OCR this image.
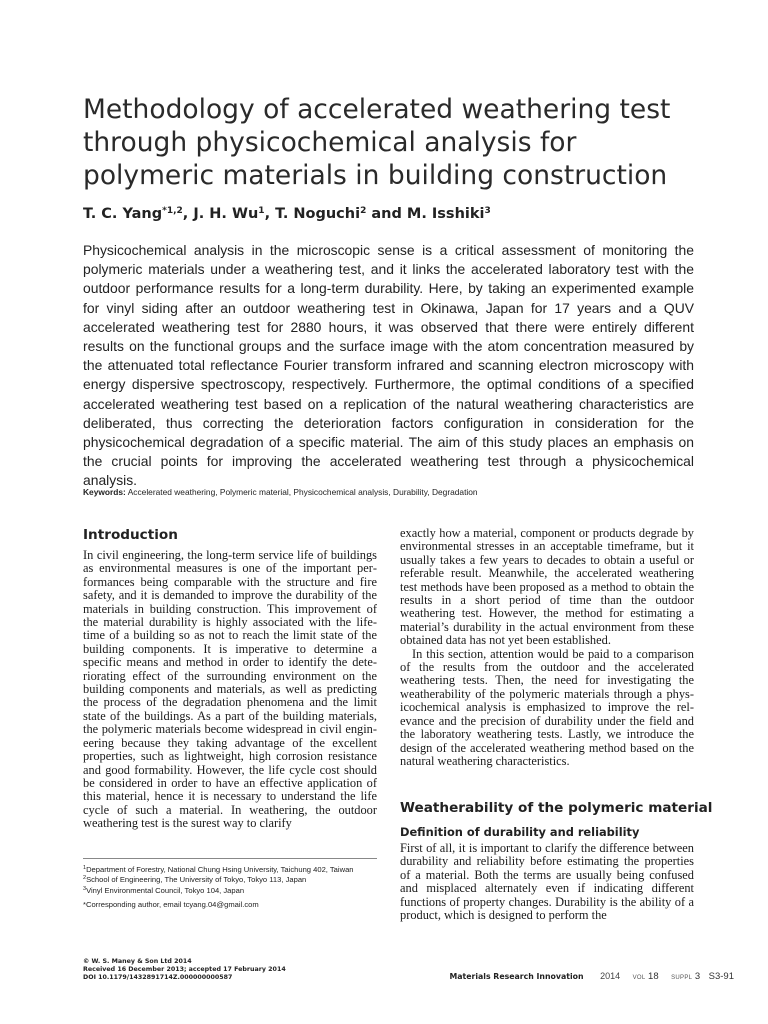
Methodology of accelerated weathering test through physicochemical analysis for polymeric materials in building construction

T. C. Yang$^{*1,2}$, J. H. Wu$^1$, T. Noguchi$^2$ and M. Isshiki$^3$

Physicochemical analysis in the microscopic sense is a critical assessment of monitoring the polymeric materials under a weathering test, and it links the accelerated laboratory test with the outdoor performance results for a long-term durability. Here, by taking an experimented example for vinyl siding after an outdoor weathering test in Okinawa, Japan for 17 years and a QUV accelerated weathering test for 2880 hours, it was observed that there were entirely different results on the functional groups and the surface image with the atom concentration measured by the attenuated total reflectance Fourier transform infrared and scanning electron microscopy with energy dispersive spectroscopy, respectively. Furthermore, the optimal conditions of a specified accelerated weathering test based on a replication of the natural weathering characteristics are deliberated, thus correcting the deterioration factors configuration in consideration for the physicochemical degradation of a specific material. The aim of this study places an emphasis on the crucial points for improving the accelerated weathering test through a physicochemical analysis.

Keywords: Accelerated weathering, Polymeric material, Physicochemical analysis, Durability, Degradation

Introduction

In civil engineering, the long-term service life of buildings as environmental measures is one of the important performances being comparable with the structure and fire safety, and it is demanded to improve the durability of the materials in building construction. This improvement of the material durability is highly associated with the lifetime of a building so as not to reach the limit state of the building components. It is imperative to determine a specific means and method in order to identify the deteriorating effect of the surrounding environment on the building components and materials, as well as predicting the process of the degradation phenomena and the limit state of the buildings. As a part of the building materials, the polymeric materials become widespread in civil engineering because they taking advantage of the excellent properties, such as lightweight, high corrosion resistance and good formability. However, the life cycle cost should be considered in order to have an effective application of this material, hence it is necessary to understand the life cycle of such a material. In weathering, the outdoor weathering test is the surest way to clarify

exactly how a material, component or products degrade by environmental stresses in an acceptable timeframe, but it usually takes a few years to decades to obtain a useful or referable result. Meanwhile, the accelerated weathering test methods have been proposed as a method to obtain the results in a short period of time than the outdoor weathering test. However, the method for estimating a material’s durability in the actual environment from these obtained data has not yet been established.

In this section, attention would be paid to a comparison of the results from the outdoor and the accelerated weathering tests. Then, the need for investigating the weatherability of the polymeric materials through a physicochemical analysis is emphasized to improve the relevance and the precision of durability under the field and the laboratory weathering tests. Lastly, we introduce the design of the accelerated weathering method based on the natural weathering characteristics.

Weatherability of the polymeric material
Definition of durability and reliability

First of all, it is important to clarify the difference between durability and reliability before estimating the properties of a material. Both the terms are usually being confused and misplaced alternately even if indicating different functions of property changes. Durability is the ability of a product, which is designed to perform the

$^1$Department of Forestry, National Chung Hsing University, Taichung 402, Taiwan

$^2$School of Engineering, The University of Tokyo, Tokyo 113, Japan

$^3$Vinyl Environmental Council, Tokyo 104, Japan

*Corresponding author, email tcyang.04@gmail.com

© W. S. Maney & Son Ltd 2014

Received 16 December 2013; accepted 17 February 2014

DOI 10.1179/1432891714Z.000000000587	Materials Research Innovation 2014 VOL 18 SUPPL 3 S3-91
